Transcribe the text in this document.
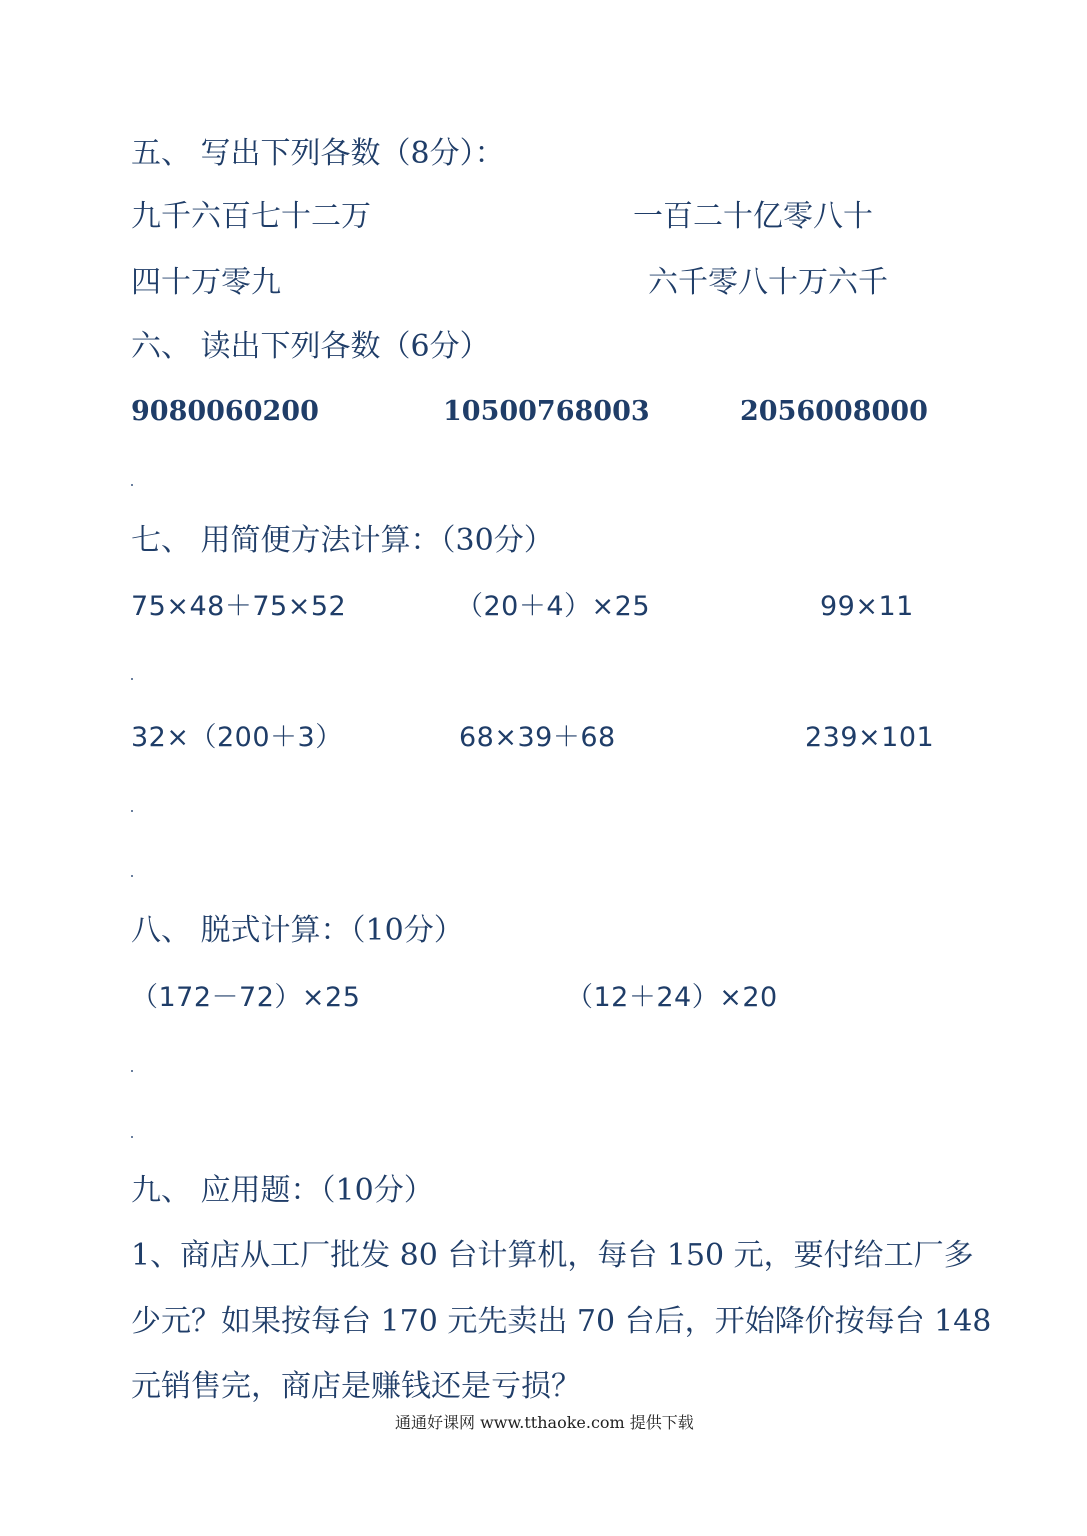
五、 写出下列各数（8分）：
九千六百七十二万	一百二十亿零八十
四十万零九	六千零八十万六千
六、 读出下列各数（6分）
9080060200	10500768003	2056008000
七、 用简便方法计算：（30分）
75×48＋75×52	（20＋4）×25	99×11
32×（200＋3）	68×39＋68	239×101
八、 脱式计算：（10分）
（172－72）×25	（12＋24）×20
九、 应用题：（10分）
1、商店从工厂批发 80 台计算机，每台 150 元，要付给工厂多
少元？如果按每台 170 元先卖出 70 台后，开始降价按每台 148
元销售完，商店是赚钱还是亏损？
通通好课网 www.tthaoke.com 提供下载
